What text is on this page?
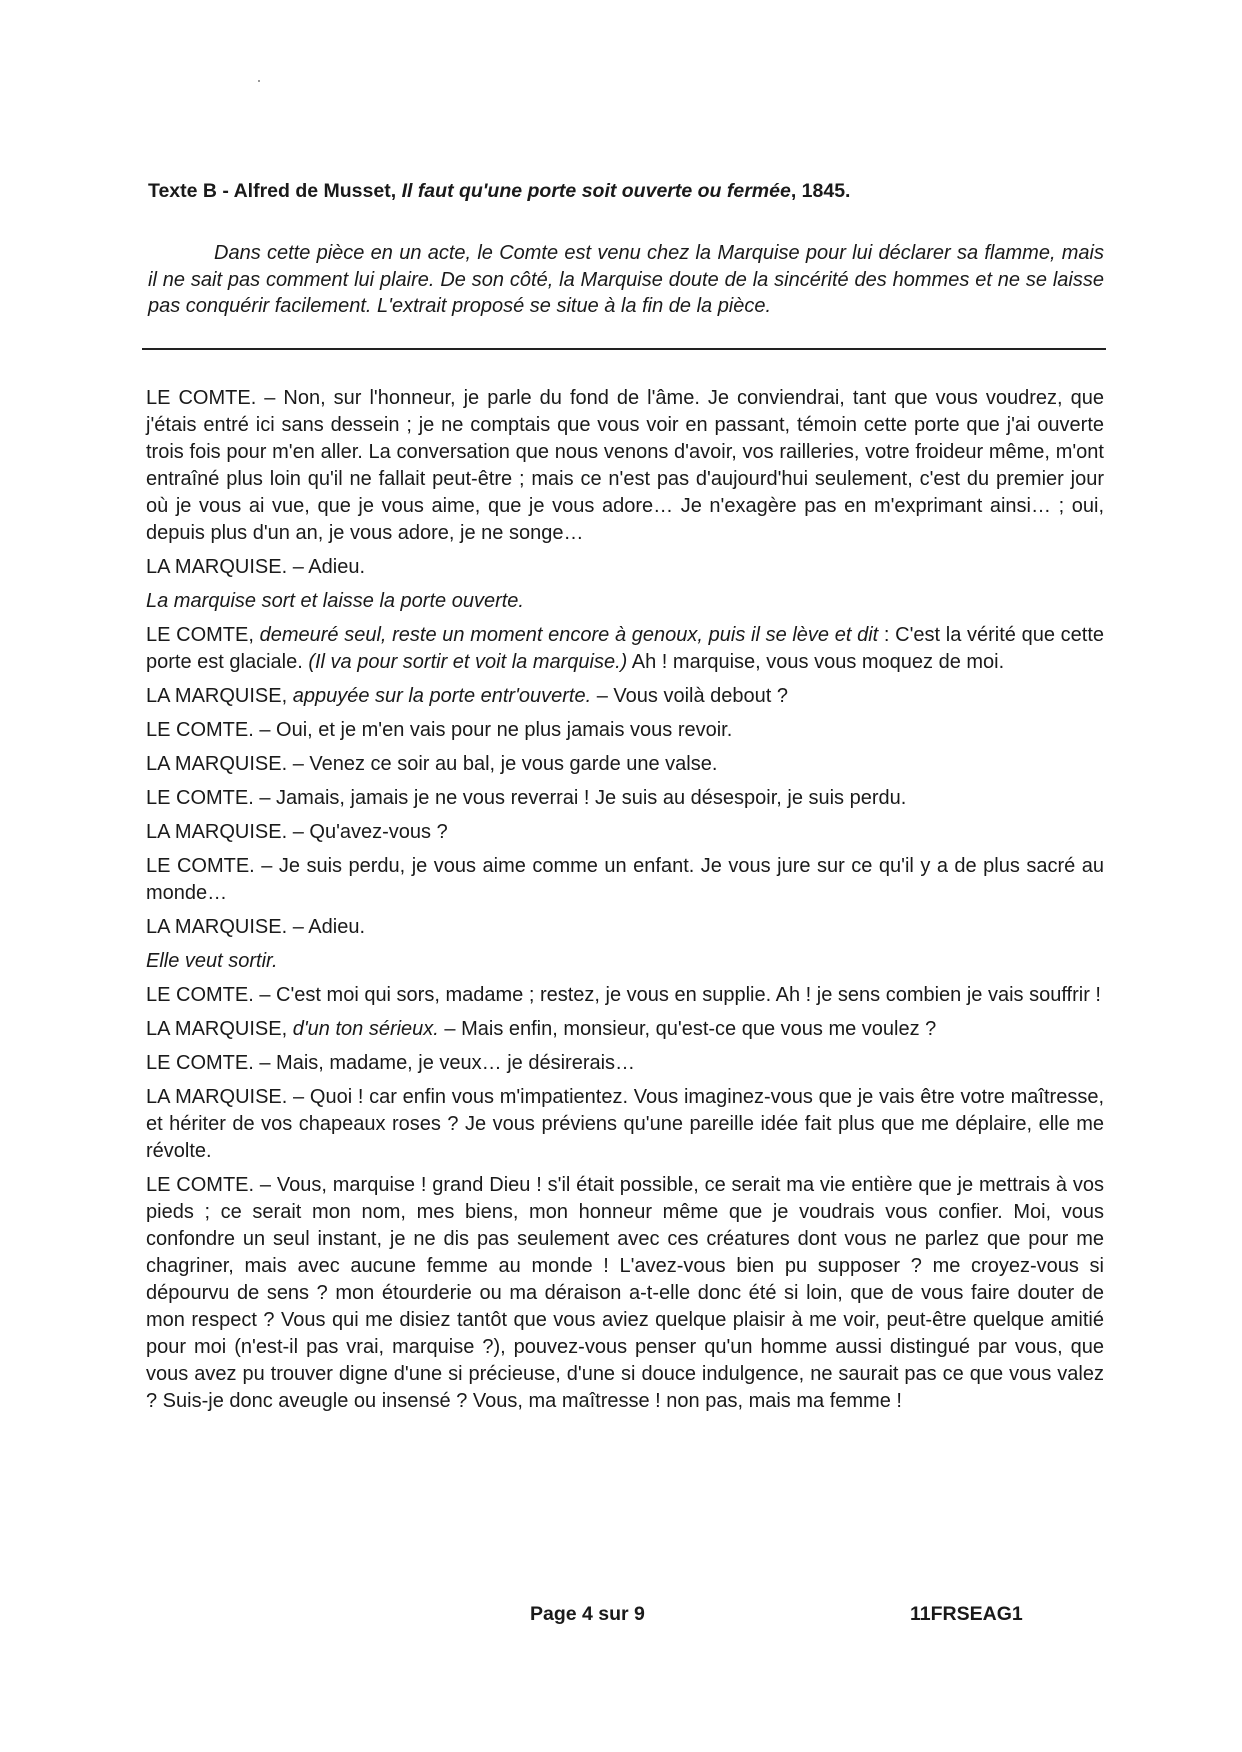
Texte B - Alfred de Musset, Il faut qu'une porte soit ouverte ou fermée, 1845.

Dans cette pièce en un acte, le Comte est venu chez la Marquise pour lui déclarer sa flamme, mais il ne sait pas comment lui plaire. De son côté, la Marquise doute de la sincérité des hommes et ne se laisse pas conquérir facilement. L'extrait proposé se situe à la fin de la pièce.

LE COMTE. – Non, sur l'honneur, je parle du fond de l'âme. Je conviendrai, tant que vous voudrez, que j'étais entré ici sans dessein ; je ne comptais que vous voir en passant, témoin cette porte que j'ai ouverte trois fois pour m'en aller. La conversation que nous venons d'avoir, vos railleries, votre froideur même, m'ont entraîné plus loin qu'il ne fallait peut-être ; mais ce n'est pas d'aujourd'hui seulement, c'est du premier jour où je vous ai vue, que je vous aime, que je vous adore… Je n'exagère pas en m'exprimant ainsi… ; oui, depuis plus d'un an, je vous adore, je ne songe…

LA MARQUISE. – Adieu.

La marquise sort et laisse la porte ouverte.

LE COMTE, demeuré seul, reste un moment encore à genoux, puis il se lève et dit : C'est la vérité que cette porte est glaciale. (Il va pour sortir et voit la marquise.) Ah ! marquise, vous vous moquez de moi.

LA MARQUISE, appuyée sur la porte entr'ouverte. – Vous voilà debout ?

LE COMTE. – Oui, et je m'en vais pour ne plus jamais vous revoir.

LA MARQUISE. – Venez ce soir au bal, je vous garde une valse.

LE COMTE. – Jamais, jamais je ne vous reverrai ! Je suis au désespoir, je suis perdu.

LA MARQUISE. – Qu'avez-vous ?

LE COMTE. – Je suis perdu, je vous aime comme un enfant. Je vous jure sur ce qu'il y a de plus sacré au monde…

LA MARQUISE. – Adieu.

Elle veut sortir.

LE COMTE. – C'est moi qui sors, madame ; restez, je vous en supplie. Ah ! je sens combien je vais souffrir !

LA MARQUISE, d'un ton sérieux. – Mais enfin, monsieur, qu'est-ce que vous me voulez ?

LE COMTE. – Mais, madame, je veux… je désirerais…

LA MARQUISE. – Quoi ! car enfin vous m'impatientez. Vous imaginez-vous que je vais être votre maîtresse, et hériter de vos chapeaux roses ? Je vous préviens qu'une pareille idée fait plus que me déplaire, elle me révolte.

LE COMTE. – Vous, marquise ! grand Dieu ! s'il était possible, ce serait ma vie entière que je mettrais à vos pieds ; ce serait mon nom, mes biens, mon honneur même que je voudrais vous confier. Moi, vous confondre un seul instant, je ne dis pas seulement avec ces créatures dont vous ne parlez que pour me chagriner, mais avec aucune femme au monde ! L'avez-vous bien pu supposer ? me croyez-vous si dépourvu de sens ? mon étourderie ou ma déraison a-t-elle donc été si loin, que de vous faire douter de mon respect ? Vous qui me disiez tantôt que vous aviez quelque plaisir à me voir, peut-être quelque amitié pour moi (n'est-il pas vrai, marquise ?), pouvez-vous penser qu'un homme aussi distingué par vous, que vous avez pu trouver digne d'une si précieuse, d'une si douce indulgence, ne saurait pas ce que vous valez ? Suis-je donc aveugle ou insensé ? Vous, ma maîtresse ! non pas, mais ma femme !

Page 4 sur 9	11FRSEAG1
